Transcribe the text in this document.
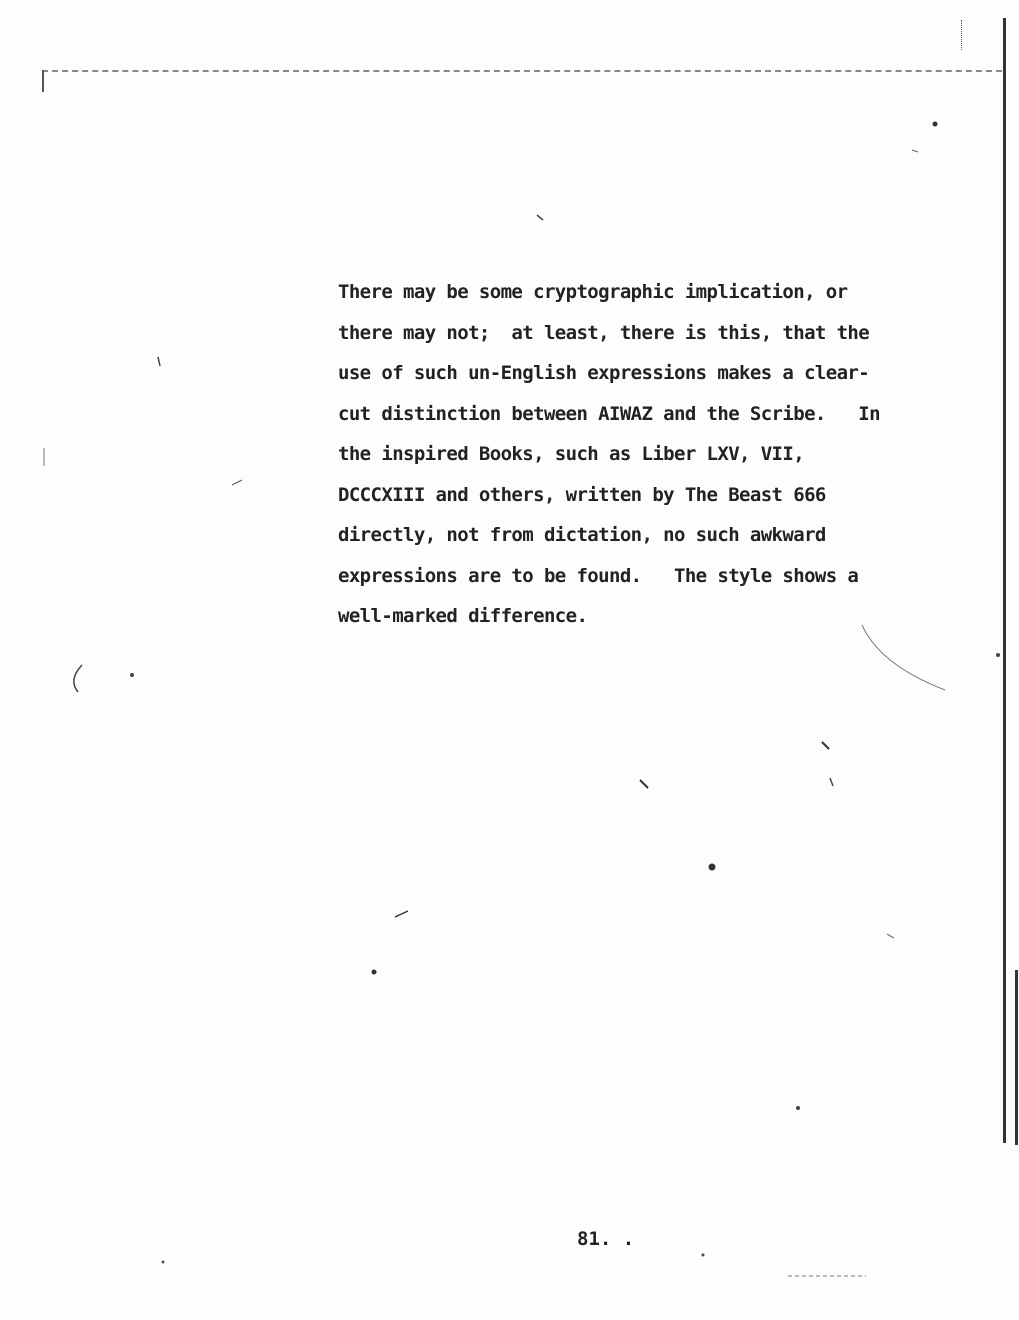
There may be some cryptographic implication, or
there may not;  at least, there is this, that the
use of such un-English expressions makes a clear-
cut distinction between AIWAZ and the Scribe.   In
the inspired Books, such as Liber LXV, VII,
DCCCXIII and others, written by The Beast 666
directly, not from dictation, no such awkward
expressions are to be found.   The style shows a
well-marked difference.

81. .
